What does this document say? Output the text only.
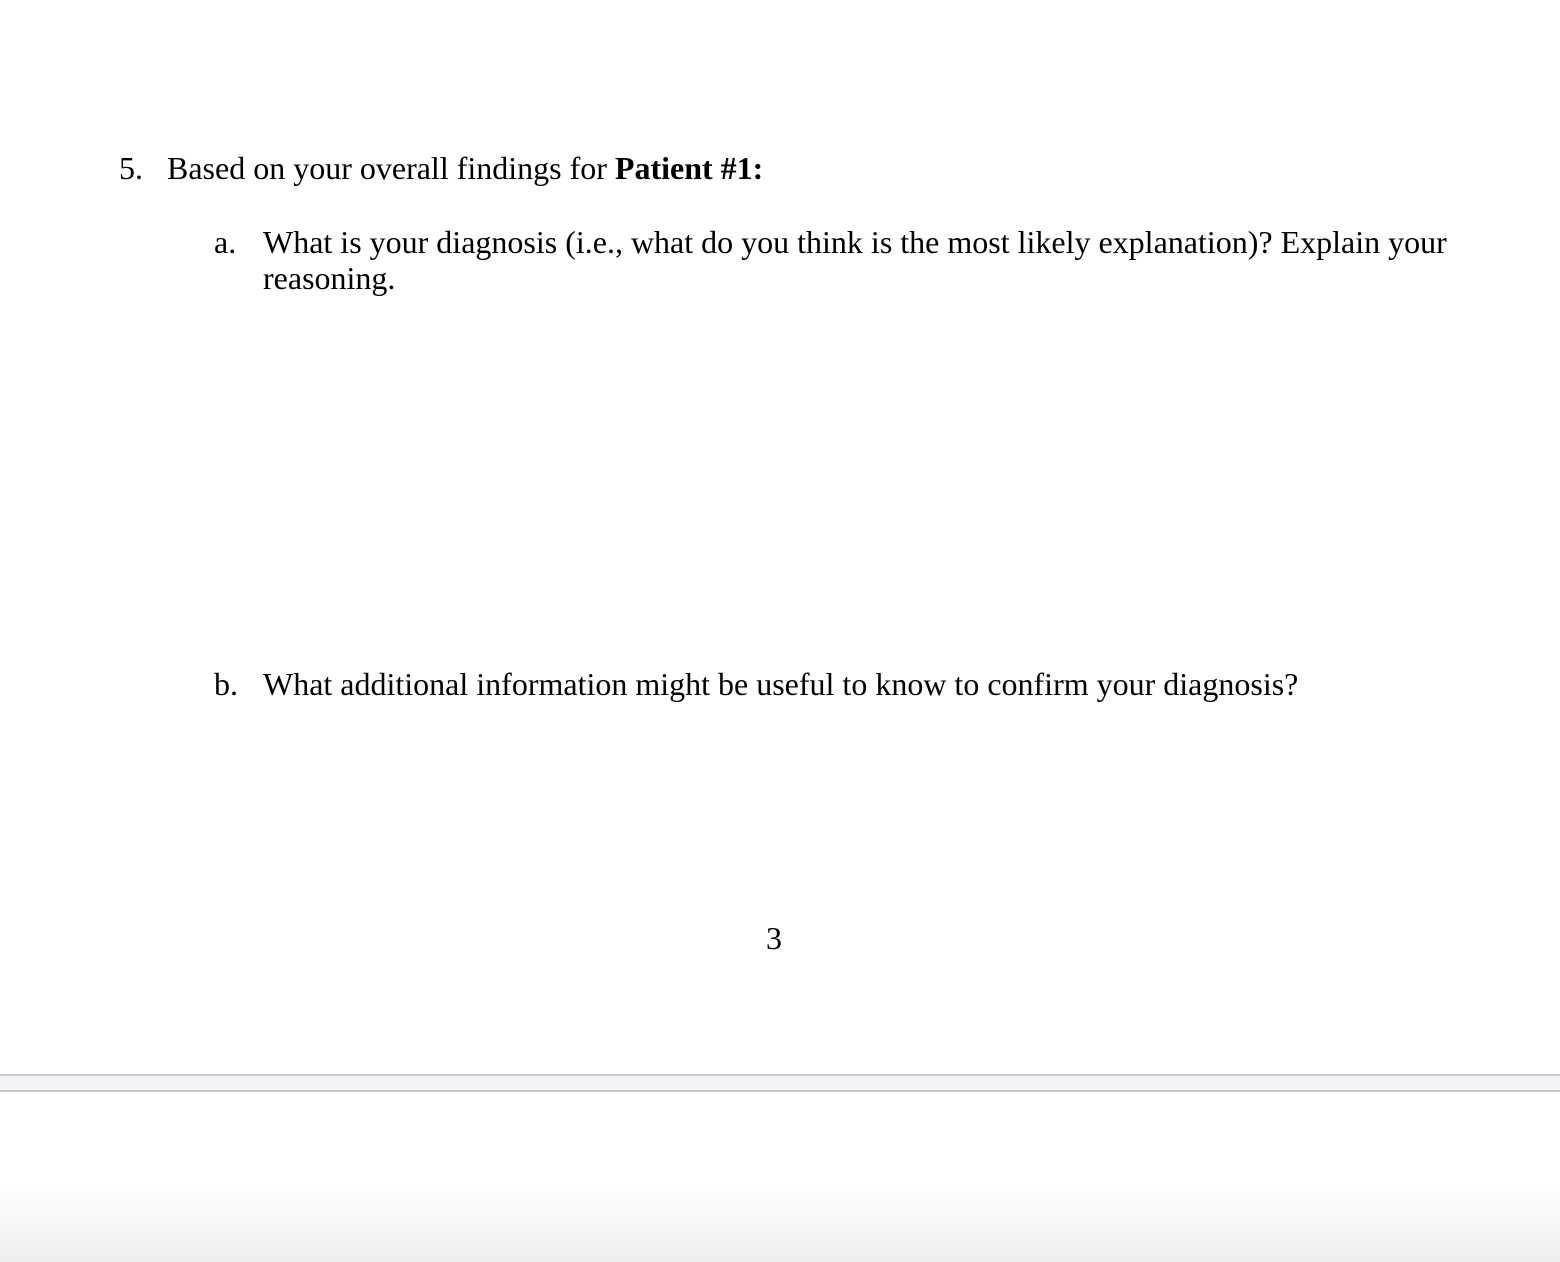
5. Based on your overall findings for Patient #1:
a. What is your diagnosis (i.e., what do you think is the most likely explanation)? Explain your reasoning.
b. What additional information might be useful to know to confirm your diagnosis?
3
